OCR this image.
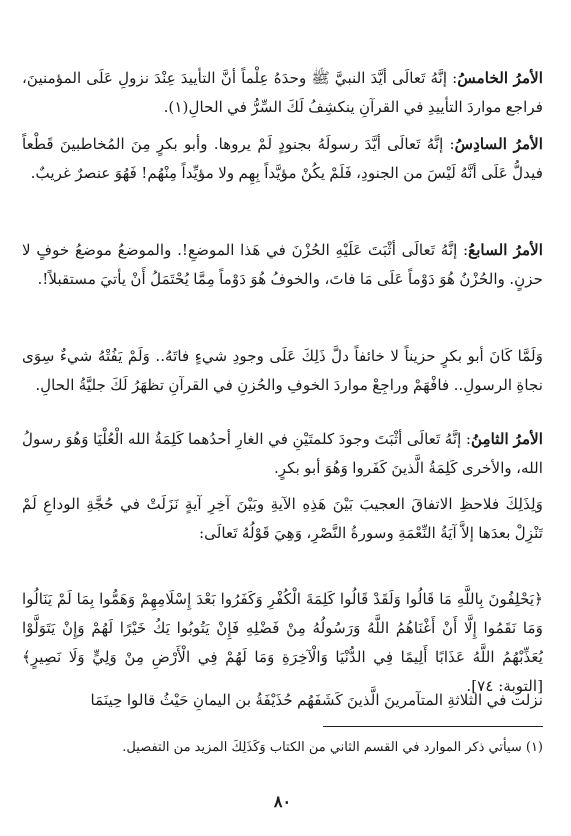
الأمرُ الخامسُ: إنَّهُ تَعالَى أيَّدَ النبيَّ ﷺ وحدَهُ عِلْماً أنَّ التأييدَ عِنْدَ نزولِ عَلَى المؤمنينَ، فراجع مواردَ التأييدِ في القرآنِ ينكشِفُ لَكَ السِّرُّ في الحالِ(١).

الأمرُ السادِسُ: إنَّهُ تَعالَى أيَّدَ رسولَهُ بجنودٍ لَمْ يروها. وأبو بكرٍ مِنَ المُخاطبينَ قَطْعاً فيدلُّ عَلَى أنَّهُ لَيْسَ من الجنودِ، فَلَمْ يكُنْ مؤيَّداً بِهِم ولا مؤيِّداً مِنْهُم! فَهُوَ عنصرٌ غريبٌ.

الأمرُ السابعُ: إنَّهُ تَعالَى أثْبَتَ عَلَيْهِ الحُزْنَ في هَذا الموضعِ!. والموضعُ موضعُ خوفٍ لا حزنٍ. والحُزْنُ هُوَ دَوْماً عَلَى مَا فاتَ، والخوفُ هُوَ دَوْماً مِمَّا يُحْتَمَلُ أَنْ يأتيَ مستقبلاً!.

وَلَمَّا كَانَ أبو بكرٍ حزيناً لا خائفاً دلَّ ذَلِكَ عَلَى وجودِ شيءٍ فاتَهُ.. وَلَمْ يَفُتْهُ شيءٌ سِوَى نجاةِ الرسولِ.. فافْهَمْ وراجِعْ مواردَ الخوفِ والحُزنِ في القرآنِ تظهَرُ لَكَ جليَّةُ الحالِ.

الأمرُ الثامِنُ: إنَّهُ تَعالَى أثْبَتَ وجودَ كلمتَيْنِ في الغارِ أحدُهما كَلِمَةُ الله الْعُلْيَا وَهُوَ رسولُ الله، والأخرى كَلِمَةُ الَّذينَ كَفَروا وَهُوَ أبو بكرٍ.

وَلِذَلِكَ فلاحظِ الاتفاقَ العجيبَ بَيْنَ هَذِهِ الآيةِ وبَيْنَ آخِرِ آيةٍ نَزَلَتْ في حُجَّةِ الوداعِ لَمْ تَنْزِلْ بعدَها إلاَّ آيَةُ النِّعْمَةِ وسورةُ النَّصْرِ، وَهِيَ قَوْلُهُ تَعالَى:

﴿يَحْلِفُونَ بِاللَّهِ مَا قَالُوا وَلَقَدْ قَالُوا كَلِمَةَ الْكُفْرِ وَكَفَرُوا بَعْدَ إِسْلَامِهِمْ وَهَمُّوا بِمَا لَمْ يَنَالُوا وَمَا نَقَمُوا إِلَّا أَنْ أَغْنَاهُمُ اللَّهُ وَرَسُولُهُ مِنْ فَضْلِهِ فَإِنْ يَتُوبُوا يَكُ خَيْرًا لَهُمْ وَإِنْ يَتَوَلَّوْا يُعَذِّبْهُمُ اللَّهُ عَذَابًا أَلِيمًا فِي الدُّنْيَا وَالْآخِرَةِ وَمَا لَهُمْ فِي الْأَرْضِ مِنْ وَلِيٍّ وَلَا نَصِيرٍ﴾ [التوبة: ٧٤].

نزلت في الثلاثةِ المتآمرينَ الَّذينَ كَشَفَهُم حُذَيْفَةُ بن اليمانِ حَيْثُ قالوا حِينَمَا

(١) سيأتي ذكر الموارد في القسم الثاني من الكتاب وَكَذَلِكَ المزيد من التفصيل.
٨٠
